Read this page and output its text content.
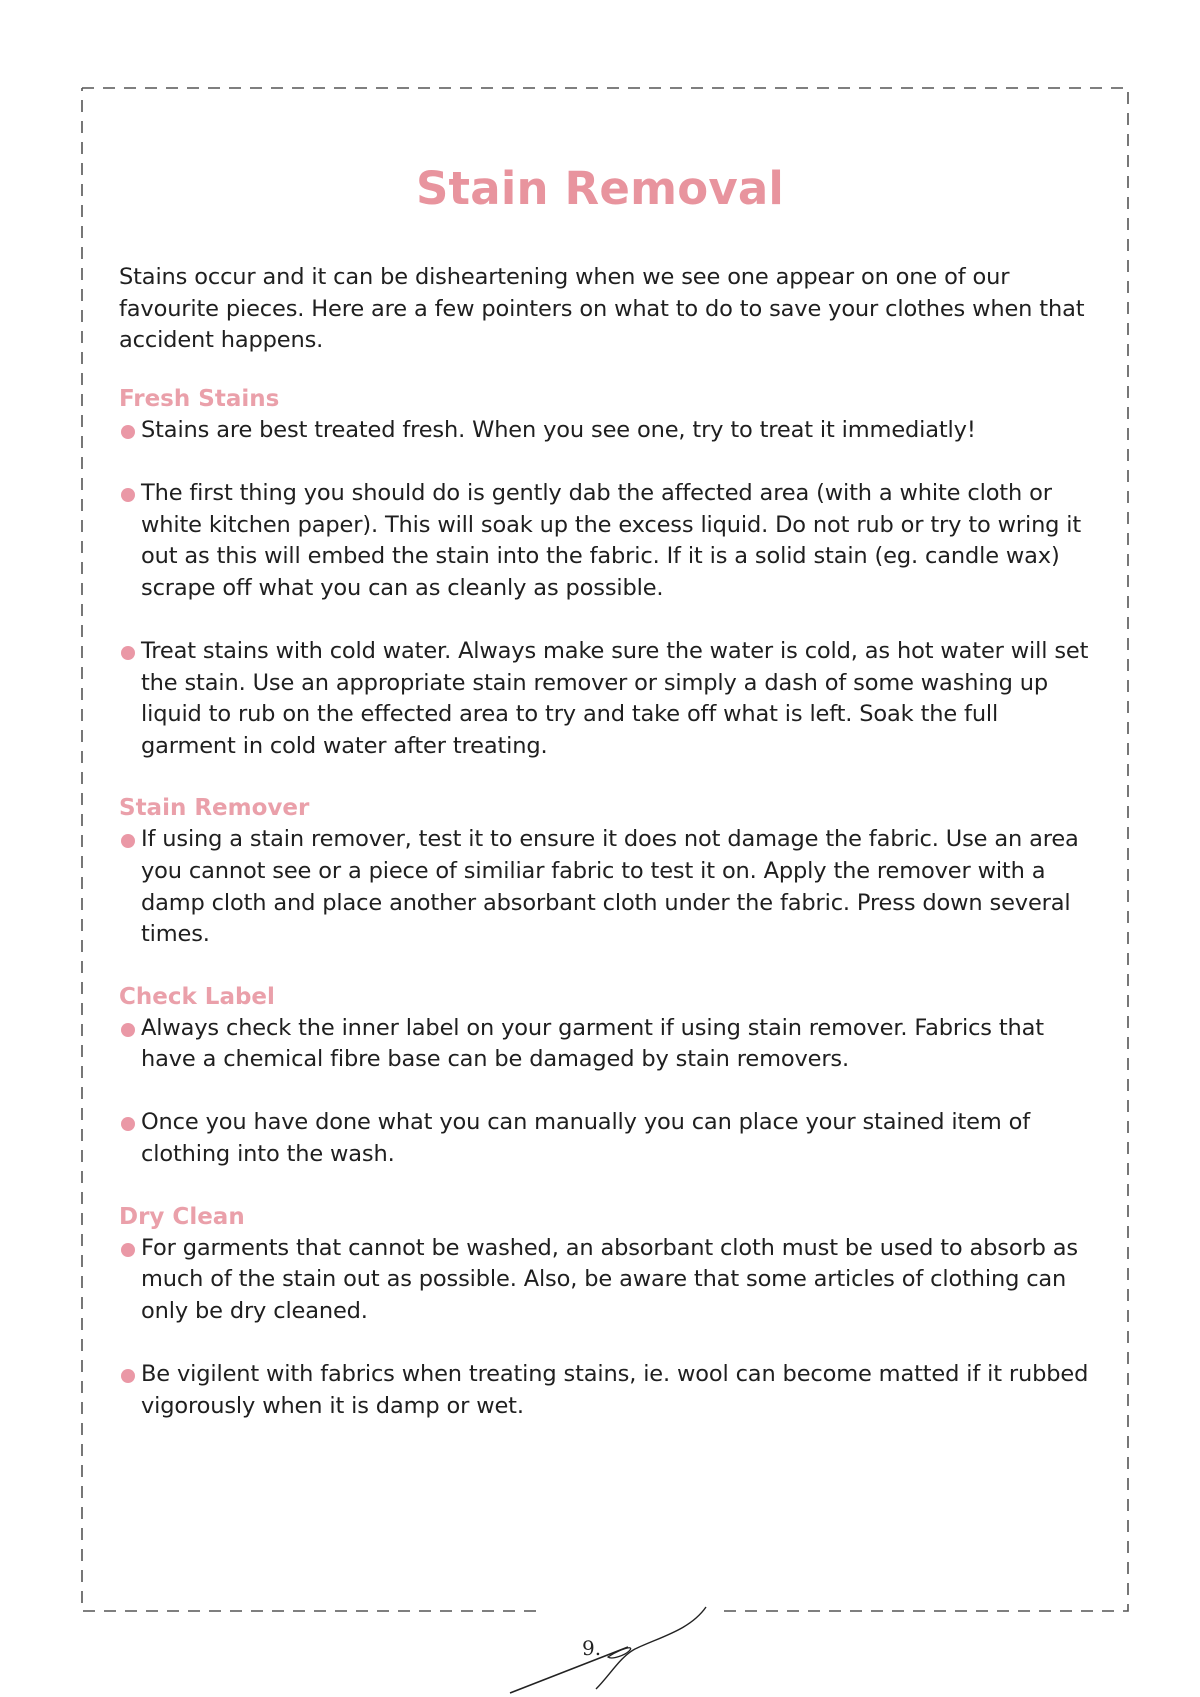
Stain Removal

Stains occur and it can be disheartening when we see one appear on one of our favourite pieces. Here are a few pointers on what to do to save your clothes when that accident happens.

Fresh Stains

Stains are best treated fresh. When you see one, try to treat it immediatly!

The first thing you should do is gently dab the affected area (with a white cloth or white kitchen paper). This will soak up the excess liquid. Do not rub or try to wring it out as this will embed the stain into the fabric. If it is a solid stain (eg. candle wax) scrape off what you can as cleanly as possible.

Treat stains with cold water. Always make sure the water is cold, as hot water will set the stain. Use an appropriate stain remover or simply a dash of some washing up liquid to rub on the effected area to try and take off what is left. Soak the full garment in cold water after treating.

Stain Remover

If using a stain remover, test it to ensure it does not damage the fabric. Use an area you cannot see or a piece of similiar fabric to test it on. Apply the remover with a damp cloth and place another absorbant cloth under the fabric. Press down several times.

Check Label

Always check the inner label on your garment if using stain remover. Fabrics that have a chemical fibre base can be damaged by stain removers.

Once you have done what you can manually you can place your stained item of clothing into the wash.

Dry Clean

For garments that cannot be washed, an absorbant cloth must be used to absorb as much of the stain out as possible. Also, be aware that some articles of clothing can only be dry cleaned.

Be vigilent with fabrics when treating stains, ie. wool can become matted if it rubbed vigorously when it is damp or wet.

9.
